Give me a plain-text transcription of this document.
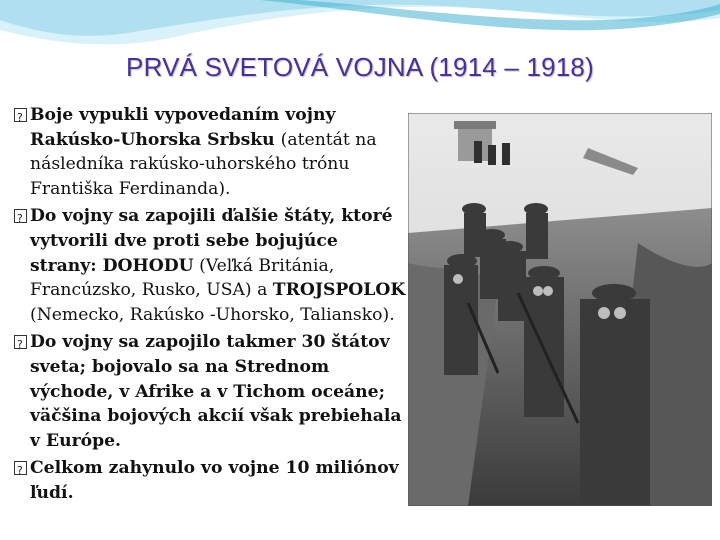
PRVÁ SVETOVÁ VOJNA (1914 – 1918)
?
Boje vypukli vypovedaním vojny Rakúsko-Uhorska Srbsku (atentát na následníka rakúsko-uhorského trónu Františka Ferdinanda).
?
Do vojny sa zapojili ďalšie štáty, ktoré vytvorili dve proti sebe bojujúce strany: DOHODU (Veľká Británia, Francúzsko, Rusko, USA) a TROJSPOLOK (Nemecko, Rakúsko -Uhorsko, Taliansko).
?
Do vojny sa zapojilo takmer 30 štátov sveta; bojovalo sa na Strednom východe, v Afrike a v Tichom oceáne; väčšina bojových akcií však prebiehala v Európe.
?
Celkom zahynulo vo vojne 10 miliónov ľudí.
